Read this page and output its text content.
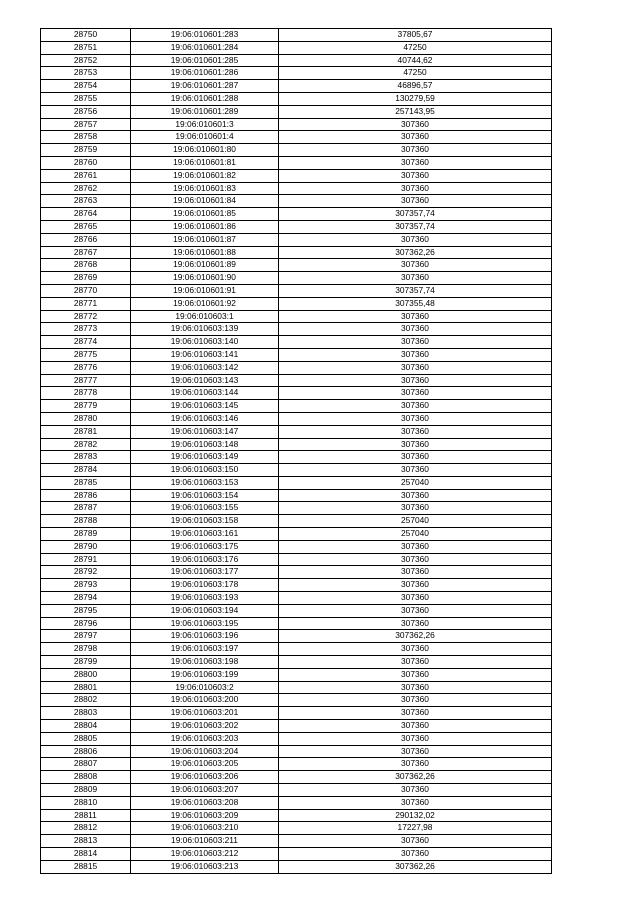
28750	19:06:010601:283	37805,67
28751	19:06:010601:284	47250
28752	19:06:010601:285	40744,62
28753	19:06:010601:286	47250
28754	19:06:010601:287	46896,57
28755	19:06:010601:288	130279,59
28756	19:06:010601:289	257143,95
28757	19:06:010601:3	307360
28758	19:06:010601:4	307360
28759	19:06:010601:80	307360
28760	19:06:010601:81	307360
28761	19:06:010601:82	307360
28762	19:06:010601:83	307360
28763	19:06:010601:84	307360
28764	19:06:010601:85	307357,74
28765	19:06:010601:86	307357,74
28766	19:06:010601:87	307360
28767	19:06:010601:88	307362,26
28768	19:06:010601:89	307360
28769	19:06:010601:90	307360
28770	19:06:010601:91	307357,74
28771	19:06:010601:92	307355,48
28772	19:06:010603:1	307360
28773	19:06:010603:139	307360
28774	19:06:010603:140	307360
28775	19:06:010603:141	307360
28776	19:06:010603:142	307360
28777	19:06:010603:143	307360
28778	19:06:010603:144	307360
28779	19:06:010603:145	307360
28780	19:06:010603:146	307360
28781	19:06:010603:147	307360
28782	19:06:010603:148	307360
28783	19:06:010603:149	307360
28784	19:06:010603:150	307360
28785	19:06:010603:153	257040
28786	19:06:010603:154	307360
28787	19:06:010603:155	307360
28788	19:06:010603:158	257040
28789	19:06:010603:161	257040
28790	19:06:010603:175	307360
28791	19:06:010603:176	307360
28792	19:06:010603:177	307360
28793	19:06:010603:178	307360
28794	19:06:010603:193	307360
28795	19:06:010603:194	307360
28796	19:06:010603:195	307360
28797	19:06:010603:196	307362,26
28798	19:06:010603:197	307360
28799	19:06:010603:198	307360
28800	19:06:010603:199	307360
28801	19:06:010603:2	307360
28802	19:06:010603:200	307360
28803	19:06:010603:201	307360
28804	19:06:010603:202	307360
28805	19:06:010603:203	307360
28806	19:06:010603:204	307360
28807	19:06:010603:205	307360
28808	19:06:010603:206	307362,26
28809	19:06:010603:207	307360
28810	19:06:010603:208	307360
28811	19:06:010603:209	290132,02
28812	19:06:010603:210	17227,98
28813	19:06:010603:211	307360
28814	19:06:010603:212	307360
28815	19:06:010603:213	307362,26
